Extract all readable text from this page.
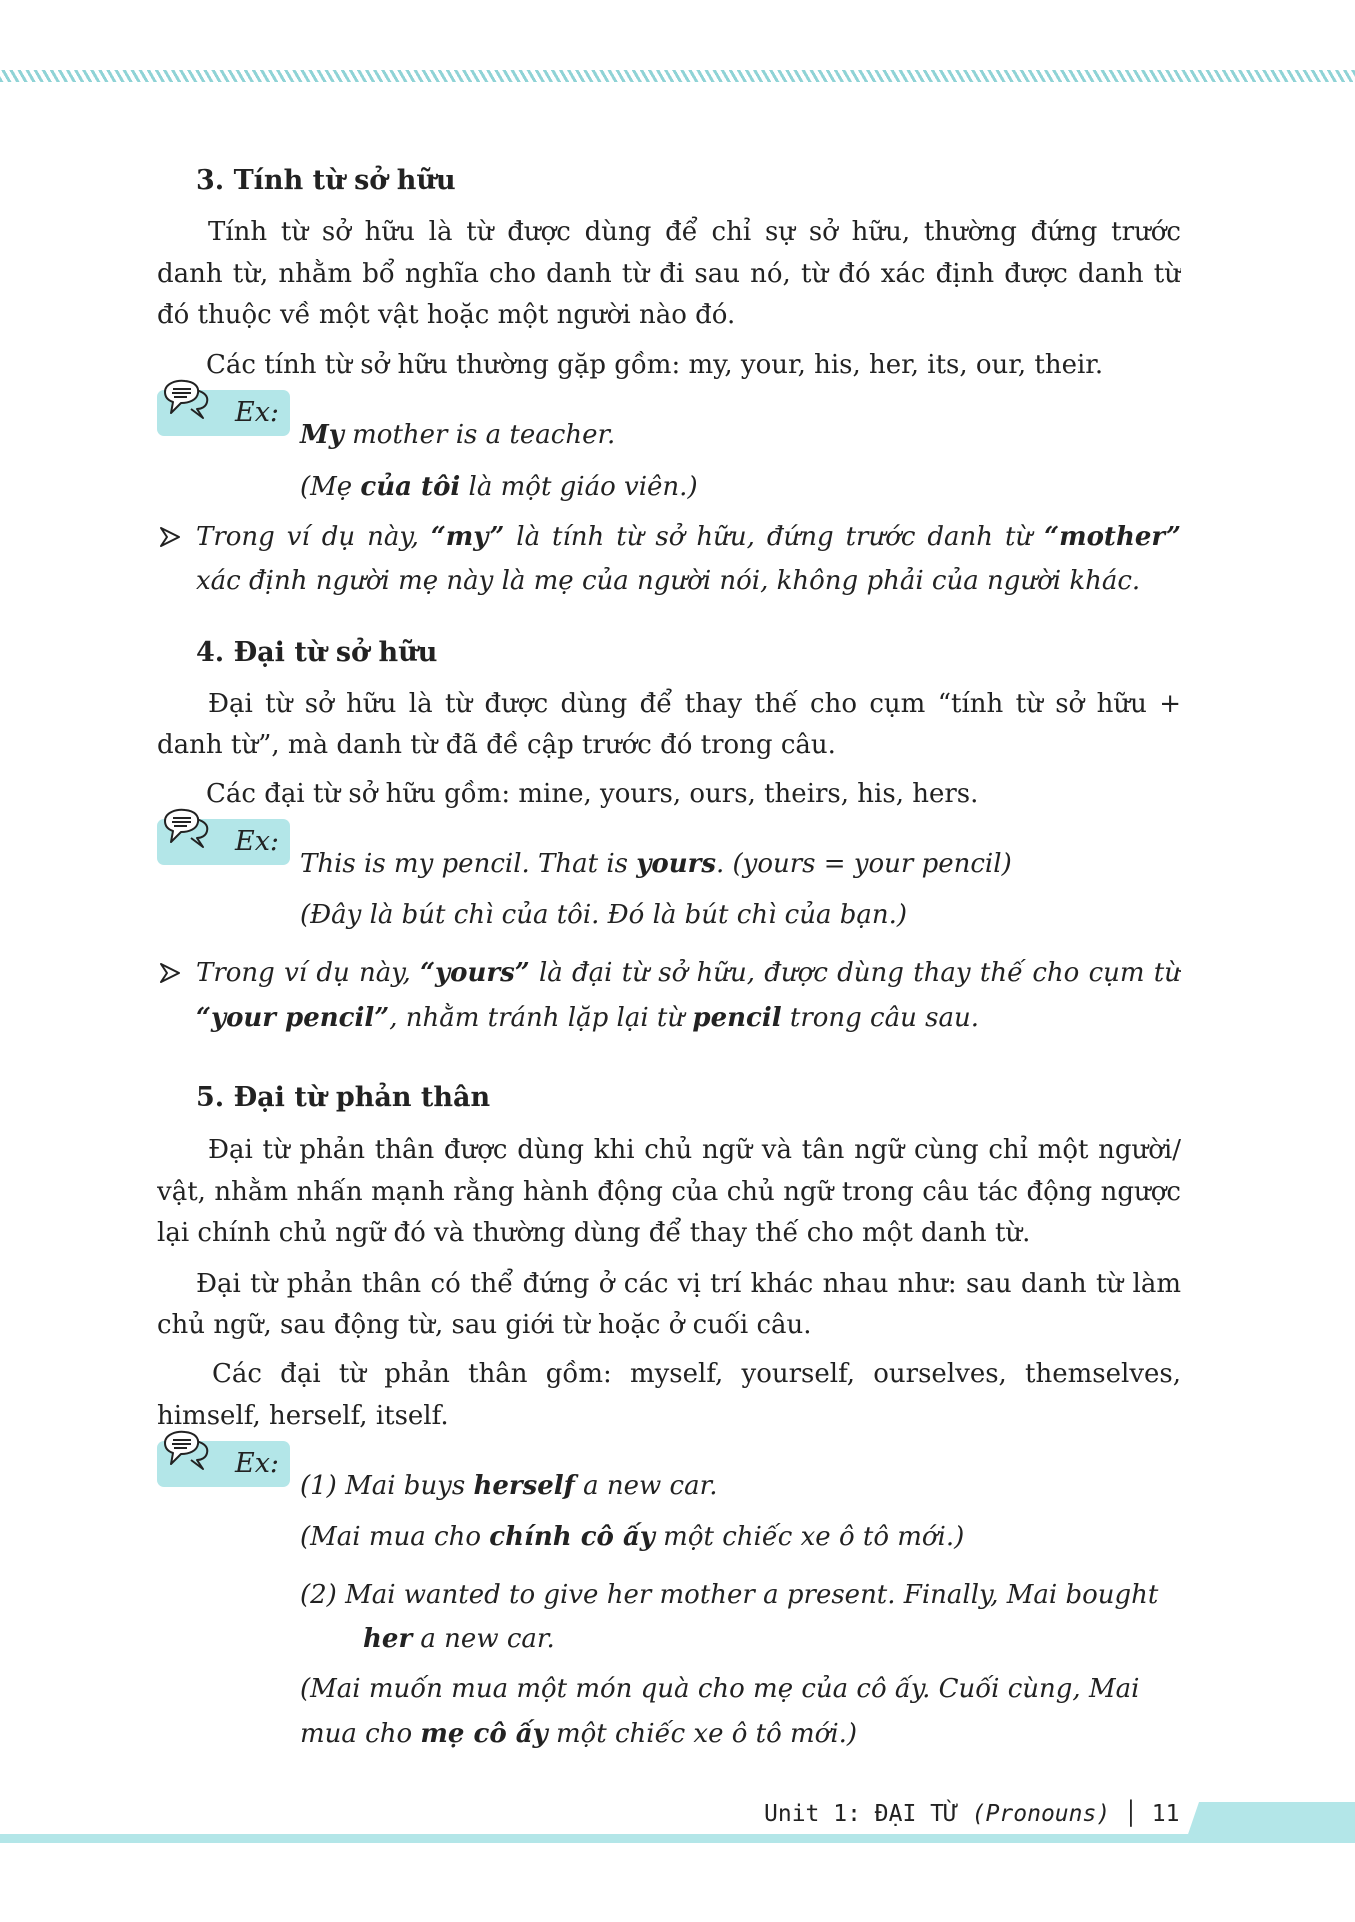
3. Tính từ sở hữu
Tính từ sở hữu là từ được dùng để chỉ sự sở hữu, thường đứng trước
danh từ, nhằm bổ nghĩa cho danh từ đi sau nó, từ đó xác định được danh từ
đó thuộc về một vật hoặc một người nào đó.
Các tính từ sở hữu thường gặp gồm: my, your, his, her, its, our, their.
My mother is a teacher.
(Mẹ của tôi là một giáo viên.)
Trong ví dụ này, “my” là tính từ sở hữu, đứng trước danh từ “mother”
xác định người mẹ này là mẹ của người nói, không phải của người khác.
4. Đại từ sở hữu
Đại từ sở hữu là từ được dùng để thay thế cho cụm “tính từ sở hữu +
danh từ”, mà danh từ đã đề cập trước đó trong câu.
Các đại từ sở hữu gồm: mine, yours, ours, theirs, his, hers.
This is my pencil. That is yours. (yours = your pencil)
(Đây là bút chì của tôi. Đó là bút chì của bạn.)
Trong ví dụ này, “yours” là đại từ sở hữu, được dùng thay thế cho cụm từ
“your pencil”, nhằm tránh lặp lại từ pencil trong câu sau.
5. Đại từ phản thân
Đại từ phản thân được dùng khi chủ ngữ và tân ngữ cùng chỉ một người/
vật, nhằm nhấn mạnh rằng hành động của chủ ngữ trong câu tác động ngược
lại chính chủ ngữ đó và thường dùng để thay thế cho một danh từ.
Đại từ phản thân có thể đứng ở các vị trí khác nhau như: sau danh từ làm
chủ ngữ, sau động từ, sau giới từ hoặc ở cuối câu.
Các đại từ phản thân gồm: myself, yourself, ourselves, themselves,
himself, herself, itself.
(1) Mai buys herself a new car.
(Mai mua cho chính cô ấy một chiếc xe ô tô mới.)
(2) Mai wanted to give her mother a present. Finally, Mai bought
her a new car.
(Mai muốn mua một món quà cho mẹ của cô ấy. Cuối cùng, Mai
mua cho mẹ cô ấy một chiếc xe ô tô mới.)
Ex:
Ex:
Ex:
Unit 1: ĐẠI TỪ (Pronouns) │ 11
